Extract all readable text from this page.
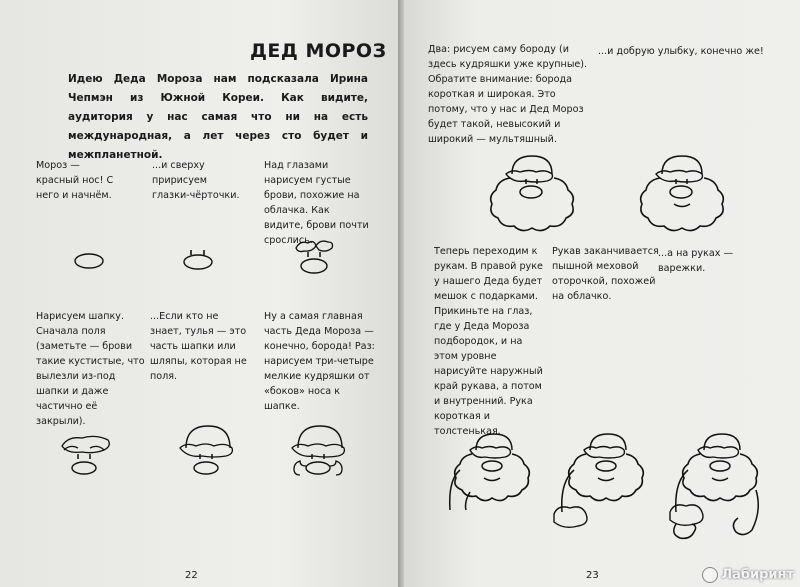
ДЕД МОРОЗ
Идею Деда Мороза нам подсказала Ирина Чепмэн из Южной Кореи. Как видите, аудитория у нас самая что ни на есть международная, а лет через сто будет и межпланетной.
Мороз — красный нос! С него и начнём.
...и сверху пририсуем глазки-чёрточки.
Над глазами нарисуем густые брови, похожие на облачка. Как видите, брови почти срослись.
Нарисуем шапку. Сначала поля (заметьте — брови такие кустистые, что вылезли из-под шапки и даже частично её закрыли).
...Если кто не знает, тулья — это часть шапки или шляпы, которая не поля.
Ну а самая главная часть Деда Мороза — конечно, борода! Раз: нарисуем три-четыре мелкие кудряшки от «боков» носа к шапке.
22
Два: рисуем саму бороду (и здесь кудряшки уже крупные). Обратите внимание: борода короткая и широкая. Это потому, что у нас и Дед Мороз будет такой, невысокий и широкий — мультяшный.
...и добрую улыбку, конечно же!
Теперь переходим к рукам. В правой руке у нашего Деда будет мешок с подарками. Прикиньте на глаз, где у Деда Мороза подбородок, и на этом уровне нарисуйте наружный край рукава, а потом и внутренний. Рука короткая и толстенькая.
Рукав заканчивается пышной меховой оторочкой, похожей на облачко.
...а на руках — варежки.
23	Лабиринт
